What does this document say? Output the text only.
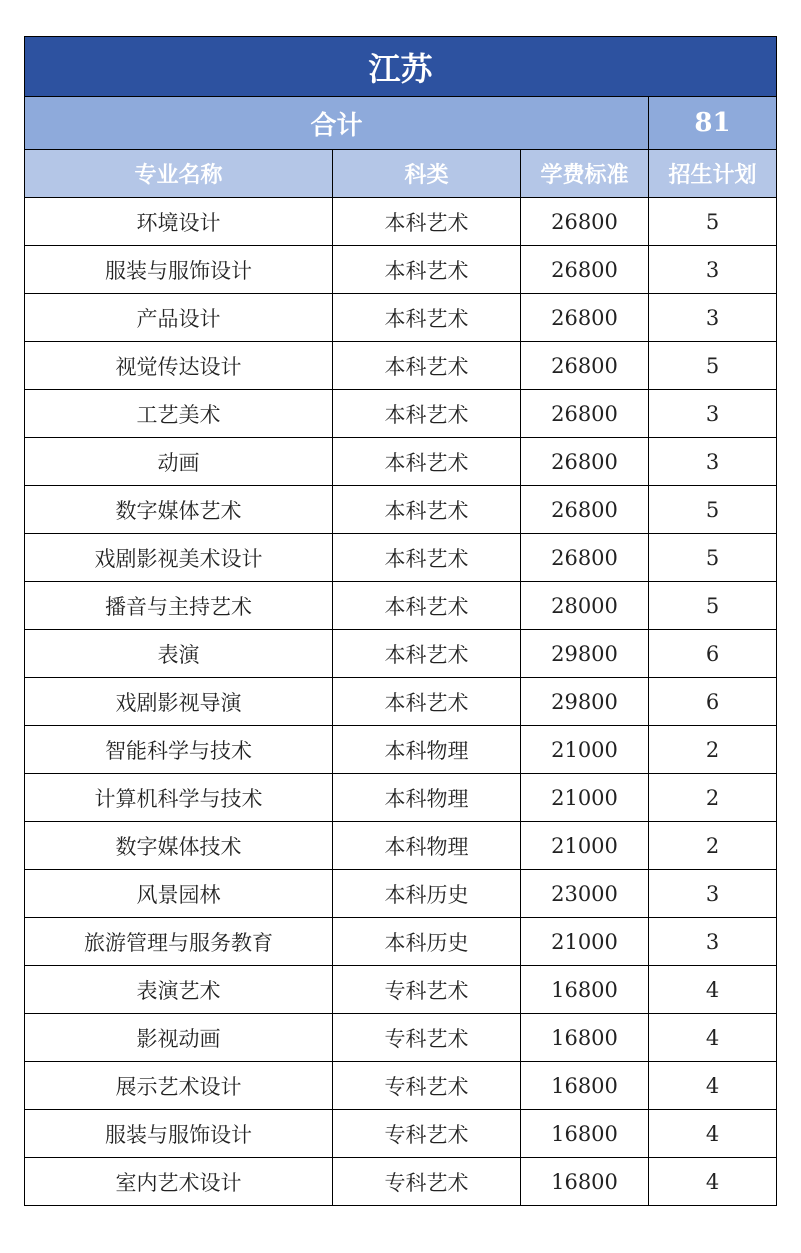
江苏			
合计			81
专业名称	科类	学费标准	招生计划
环境设计	本科艺术	26800	5
服装与服饰设计	本科艺术	26800	3
产品设计	本科艺术	26800	3
视觉传达设计	本科艺术	26800	5
工艺美术	本科艺术	26800	3
动画	本科艺术	26800	3
数字媒体艺术	本科艺术	26800	5
戏剧影视美术设计	本科艺术	26800	5
播音与主持艺术	本科艺术	28000	5
表演	本科艺术	29800	6
戏剧影视导演	本科艺术	29800	6
智能科学与技术	本科物理	21000	2
计算机科学与技术	本科物理	21000	2
数字媒体技术	本科物理	21000	2
风景园林	本科历史	23000	3
旅游管理与服务教育	本科历史	21000	3
表演艺术	专科艺术	16800	4
影视动画	专科艺术	16800	4
展示艺术设计	专科艺术	16800	4
服装与服饰设计	专科艺术	16800	4
室内艺术设计	专科艺术	16800	4
